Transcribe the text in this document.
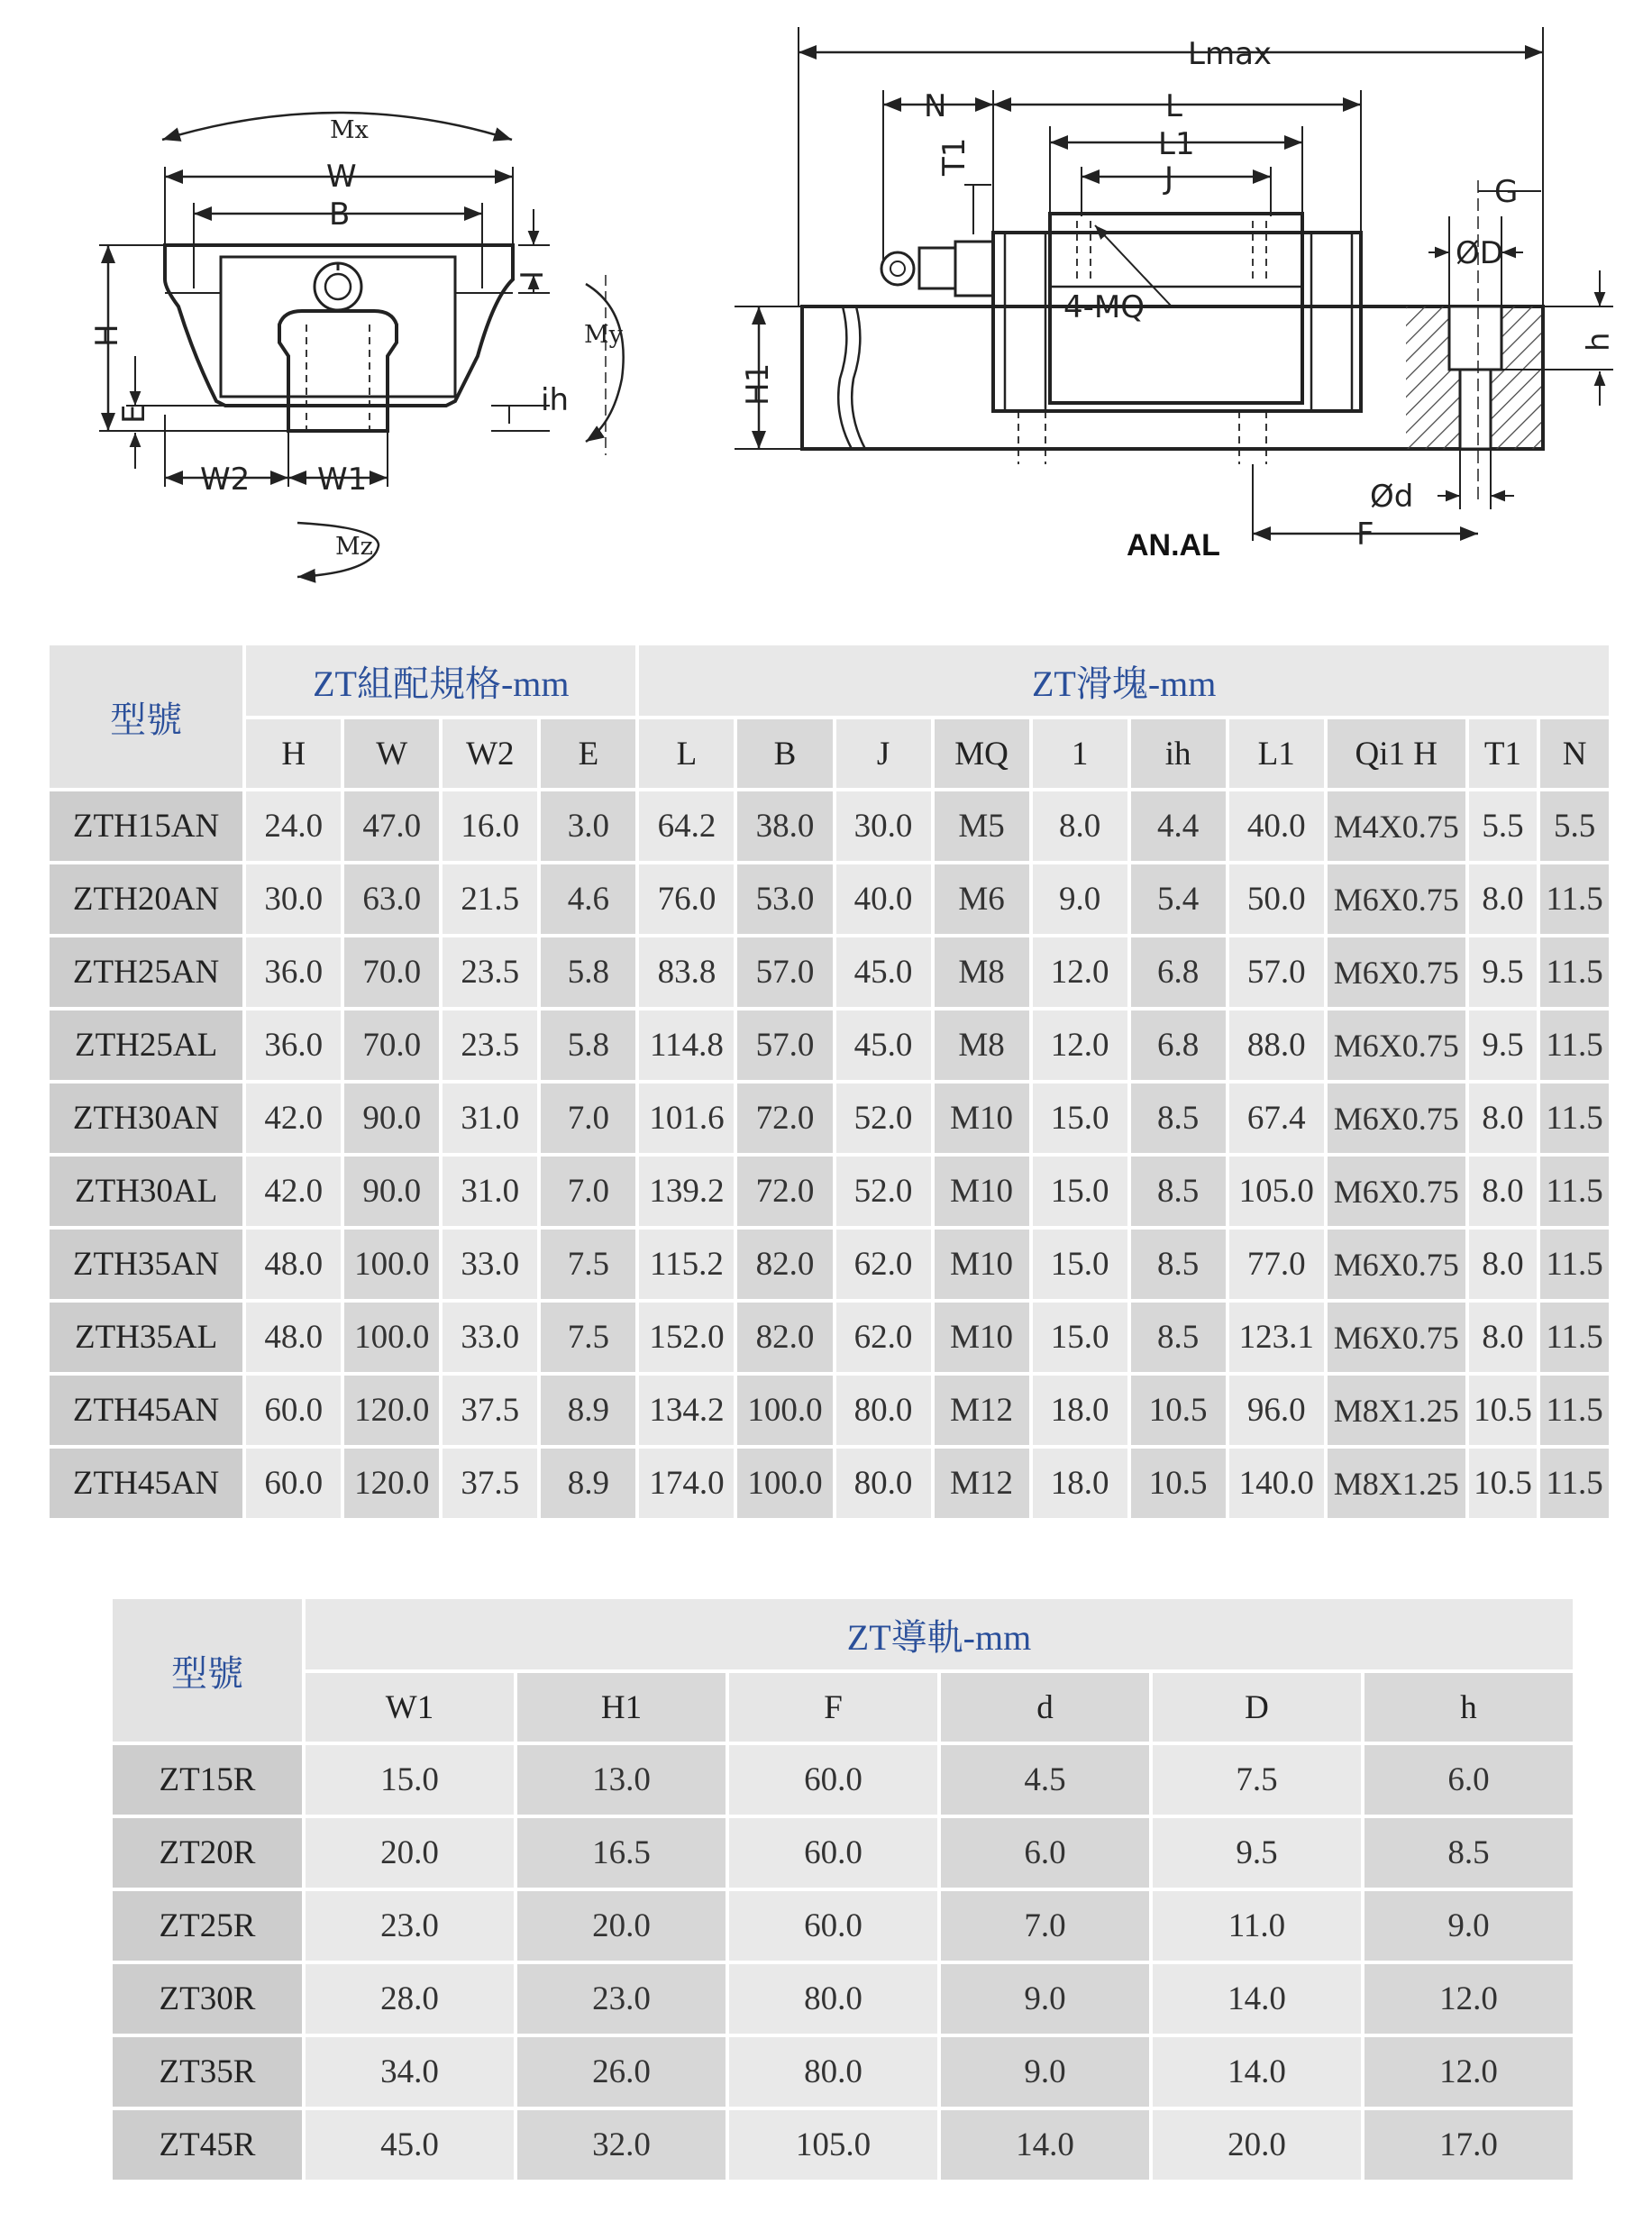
Mx
W
B
H
E
I
ih
My
W2 W1
Mz
Lmax
N	L
L1
J
T1
4-MQ
H1
G
ØD
h
Ød
F
AN.AL
型號	ZT組配規格-mm				ZT滑塊-mm									
	H	W	W2	E	L	B	J	MQ	1	ih	L1	Qi1 H	T1	N
ZTH15AN	24.0	47.0	16.0	3.0	64.2	38.0	30.0	M5	8.0	4.4	40.0	M4X0.75	5.5	5.5
ZTH20AN	30.0	63.0	21.5	4.6	76.0	53.0	40.0	M6	9.0	5.4	50.0	M6X0.75	8.0	11.5
ZTH25AN	36.0	70.0	23.5	5.8	83.8	57.0	45.0	M8	12.0	6.8	57.0	M6X0.75	9.5	11.5
ZTH25AL	36.0	70.0	23.5	5.8	114.8	57.0	45.0	M8	12.0	6.8	88.0	M6X0.75	9.5	11.5
ZTH30AN	42.0	90.0	31.0	7.0	101.6	72.0	52.0	M10	15.0	8.5	67.4	M6X0.75	8.0	11.5
ZTH30AL	42.0	90.0	31.0	7.0	139.2	72.0	52.0	M10	15.0	8.5	105.0	M6X0.75	8.0	11.5
ZTH35AN	48.0	100.0	33.0	7.5	115.2	82.0	62.0	M10	15.0	8.5	77.0	M6X0.75	8.0	11.5
ZTH35AL	48.0	100.0	33.0	7.5	152.0	82.0	62.0	M10	15.0	8.5	123.1	M6X0.75	8.0	11.5
ZTH45AN	60.0	120.0	37.5	8.9	134.2	100.0	80.0	M12	18.0	10.5	96.0	M8X1.25	10.5	11.5
ZTH45AN	60.0	120.0	37.5	8.9	174.0	100.0	80.0	M12	18.0	10.5	140.0	M8X1.25	10.5	11.5
型號	ZT導軌-mm					
	W1	H1	F	d	D	h
ZT15R	15.0	13.0	60.0	4.5	7.5	6.0
ZT20R	20.0	16.5	60.0	6.0	9.5	8.5
ZT25R	23.0	20.0	60.0	7.0	11.0	9.0
ZT30R	28.0	23.0	80.0	9.0	14.0	12.0
ZT35R	34.0	26.0	80.0	9.0	14.0	12.0
ZT45R	45.0	32.0	105.0	14.0	20.0	17.0
